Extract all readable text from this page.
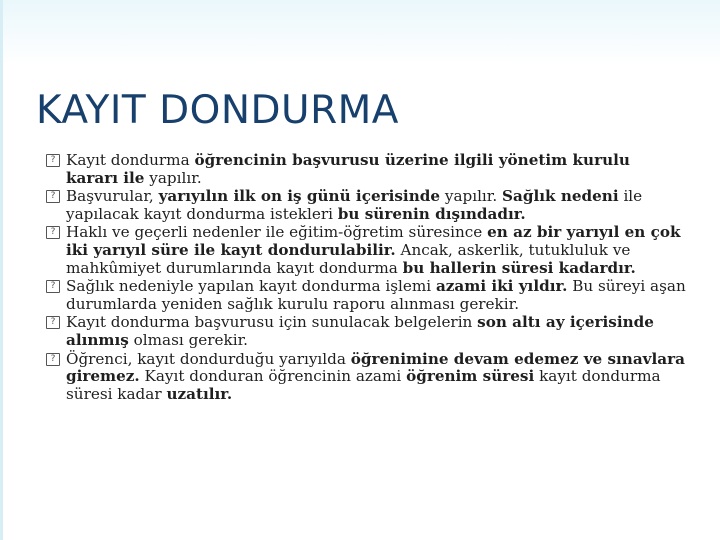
KAYIT DONDURMA
? Kayıt dondurma öğrencinin başvurusu üzerine ilgili yönetim kurulu kararı ile yapılır.
? Başvurular, yarıyılın ilk on iş günü içerisinde yapılır. Sağlık nedeni ile yapılacak kayıt dondurma istekleri bu sürenin dışındadır.
? Haklı ve geçerli nedenler ile eğitim-öğretim süresince en az bir yarıyıl en çok iki yarıyıl süre ile kayıt dondurulabilir. Ancak, askerlik, tutukluluk ve mahkûmiyet durumlarında kayıt dondurma bu hallerin süresi kadardır.
? Sağlık nedeniyle yapılan kayıt dondurma işlemi azami iki yıldır. Bu süreyi aşan durumlarda yeniden sağlık kurulu raporu alınması gerekir.
? Kayıt dondurma başvurusu için sunulacak belgelerin son altı ay içerisinde alınmış olması gerekir.
? Öğrenci, kayıt dondurduğu yarıyılda öğrenimine devam edemez ve sınavlara giremez. Kayıt donduran öğrencinin azami öğrenim süresi kayıt dondurma süresi kadar uzatılır.
